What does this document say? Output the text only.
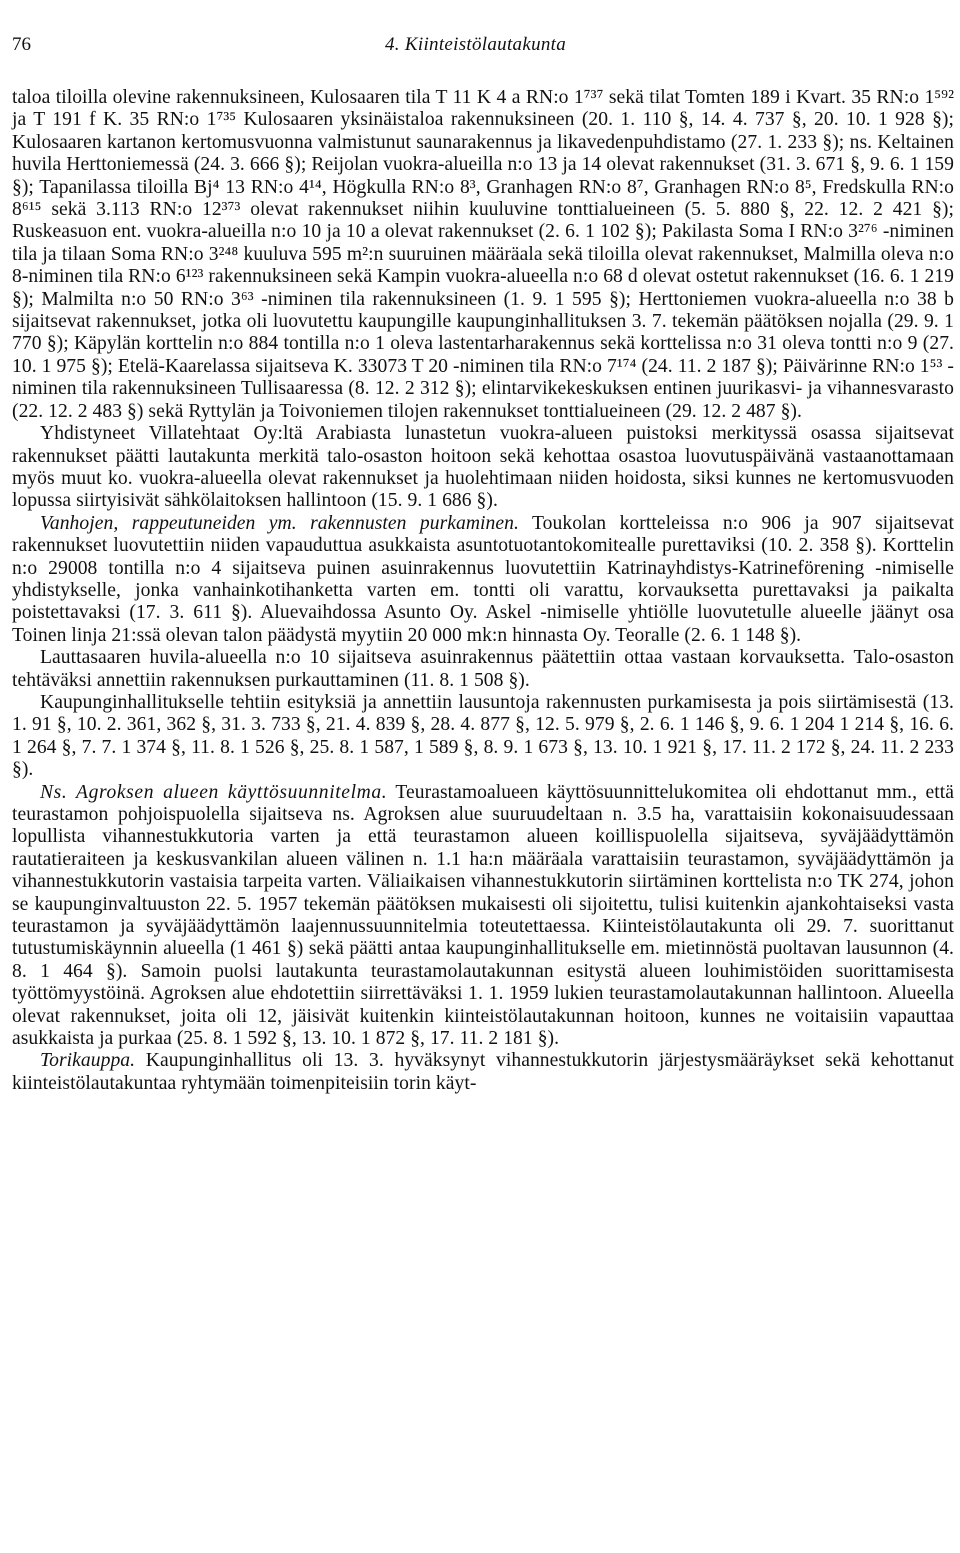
76	4. Kiinteistölautakunta

taloa tiloilla olevine rakennuksineen, Kulosaaren tila T 11 K 4 a RN:o 1⁷³⁷ sekä tilat Tomten 189 i Kvart. 35 RN:o 1⁵⁹² ja T 191 f K. 35 RN:o 1⁷³⁵ Kulosaaren yksinäistaloa rakennuksineen (20. 1. 110 §, 14. 4. 737 §, 20. 10. 1 928 §); Kulosaaren kartanon kertomusvuonna valmistunut saunarakennus ja likavedenpuhdistamo (27. 1. 233 §); ns. Keltainen huvila Herttoniemessä (24. 3. 666 §); Reijolan vuokra-alueilla n:o 13 ja 14 olevat rakennukset (31. 3. 671 §, 9. 6. 1 159 §); Tapanilassa tiloilla Bj⁴ 13 RN:o 4¹⁴, Högkulla RN:o 8³, Granhagen RN:o 8⁷, Granhagen RN:o 8⁵, Fredskulla RN:o 8⁶¹⁵ sekä 3.113 RN:o 12³⁷³ olevat rakennukset niihin kuuluvine tonttialueineen (5. 5. 880 §, 22. 12. 2 421 §); Ruskeasuon ent. vuokra-alueilla n:o 10 ja 10 a olevat rakennukset (2. 6. 1 102 §); Pakilasta Soma I RN:o 3²⁷⁶ -niminen tila ja tilaan Soma RN:o 3²⁴⁸ kuuluva 595 m²:n suuruinen määräala sekä tiloilla olevat rakennukset, Malmilla oleva n:o 8-niminen tila RN:o 6¹²³ rakennuksineen sekä Kampin vuokra-alueella n:o 68 d olevat ostetut rakennukset (16. 6. 1 219 §); Malmilta n:o 50 RN:o 3⁶³ -niminen tila rakennuksineen (1. 9. 1 595 §); Herttoniemen vuokra-alueella n:o 38 b sijaitsevat rakennukset, jotka oli luovutettu kaupungille kaupunginhallituksen 3. 7. tekemän päätöksen nojalla (29. 9. 1 770 §); Käpylän korttelin n:o 884 tontilla n:o 1 oleva lastentarharakennus sekä korttelissa n:o 31 oleva tontti n:o 9 (27. 10. 1 975 §); Etelä-Kaarelassa sijaitseva K. 33073 T 20 -niminen tila RN:o 7¹⁷⁴ (24. 11. 2 187 §); Päivärinne RN:o 1⁵³ -niminen tila rakennuksineen Tullisaaressa (8. 12. 2 312 §); elintarvikekeskuksen entinen juurikasvi- ja vihannesvarasto (22. 12. 2 483 §) sekä Ryttylän ja Toivoniemen tilojen rakennukset tonttialueineen (29. 12. 2 487 §).

Yhdistyneet Villatehtaat Oy:ltä Arabiasta lunastetun vuokra-alueen puistoksi merkityssä osassa sijaitsevat rakennukset päätti lautakunta merkitä talo-osaston hoitoon sekä kehottaa osastoa luovutuspäivänä vastaanottamaan myös muut ko. vuokra-alueella olevat rakennukset ja huolehtimaan niiden hoidosta, siksi kunnes ne kertomusvuoden lopussa siirtyisivät sähkölaitoksen hallintoon (15. 9. 1 686 §).

Vanhojen, rappeutuneiden ym. rakennusten purkaminen. Toukolan kortteleissa n:o 906 ja 907 sijaitsevat rakennukset luovutettiin niiden vapauduttua asukkaista asuntotuotantokomitealle purettaviksi (10. 2. 358 §). Korttelin n:o 29008 tontilla n:o 4 sijaitseva puinen asuinrakennus luovutettiin Katrinayhdistys-Katrineförening -nimiselle yhdistykselle, jonka vanhainkotihanketta varten em. tontti oli varattu, korvauksetta purettavaksi ja paikalta poistettavaksi (17. 3. 611 §). Aluevaihdossa Asunto Oy. Askel -nimiselle yhtiölle luovutetulle alueelle jäänyt osa Toinen linja 21:ssä olevan talon päädystä myytiin 20 000 mk:n hinnasta Oy. Teoralle (2. 6. 1 148 §).

Lauttasaaren huvila-alueella n:o 10 sijaitseva asuinrakennus päätettiin ottaa vastaan korvauksetta. Talo-osaston tehtäväksi annettiin rakennuksen purkauttaminen (11. 8. 1 508 §).

Kaupunginhallitukselle tehtiin esityksiä ja annettiin lausuntoja rakennusten purkamisesta ja pois siirtämisestä (13. 1. 91 §, 10. 2. 361, 362 §, 31. 3. 733 §, 21. 4. 839 §, 28. 4. 877 §, 12. 5. 979 §, 2. 6. 1 146 §, 9. 6. 1 204 1 214 §, 16. 6. 1 264 §, 7. 7. 1 374 §, 11. 8. 1 526 §, 25. 8. 1 587, 1 589 §, 8. 9. 1 673 §, 13. 10. 1 921 §, 17. 11. 2 172 §, 24. 11. 2 233 §).

Ns. Agroksen alueen käyttösuunnitelma. Teurastamoalueen käyttösuunnittelukomitea oli ehdottanut mm., että teurastamon pohjoispuolella sijaitseva ns. Agroksen alue suuruudeltaan n. 3.5 ha, varattaisiin kokonaisuudessaan lopullista vihannestukkutoria varten ja että teurastamon alueen koillispuolella sijaitseva, syväjäädyttämön rautatieraiteen ja keskusvankilan alueen välinen n. 1.1 ha:n määräala varattaisiin teurastamon, syväjäädyttämön ja vihannestukkutorin vastaisia tarpeita varten. Väliaikaisen vihannestukkutorin siirtäminen korttelista n:o TK 274, johon se kaupunginvaltuuston 22. 5. 1957 tekemän päätöksen mukaisesti oli sijoitettu, tulisi kuitenkin ajankohtaiseksi vasta teurastamon ja syväjäädyttämön laajennussuunnitelmia toteutettaessa. Kiinteistölautakunta oli 29. 7. suorittanut tutustumiskäynnin alueella (1 461 §) sekä päätti antaa kaupunginhallitukselle em. mietinnöstä puoltavan lausunnon (4. 8. 1 464 §). Samoin puolsi lautakunta teurastamolautakunnan esitystä alueen louhimistöiden suorittamisesta työttömyystöinä. Agroksen alue ehdotettiin siirrettäväksi 1. 1. 1959 lukien teurastamolautakunnan hallintoon. Alueella olevat rakennukset, joita oli 12, jäisivät kuitenkin kiinteistölautakunnan hoitoon, kunnes ne voitaisiin vapauttaa asukkaista ja purkaa (25. 8. 1 592 §, 13. 10. 1 872 §, 17. 11. 2 181 §).

Torikauppa. Kaupunginhallitus oli 13. 3. hyväksynyt vihannestukkutorin järjestysmääräykset sekä kehottanut kiinteistölautakuntaa ryhtymään toimenpiteisiin torin käyt-
